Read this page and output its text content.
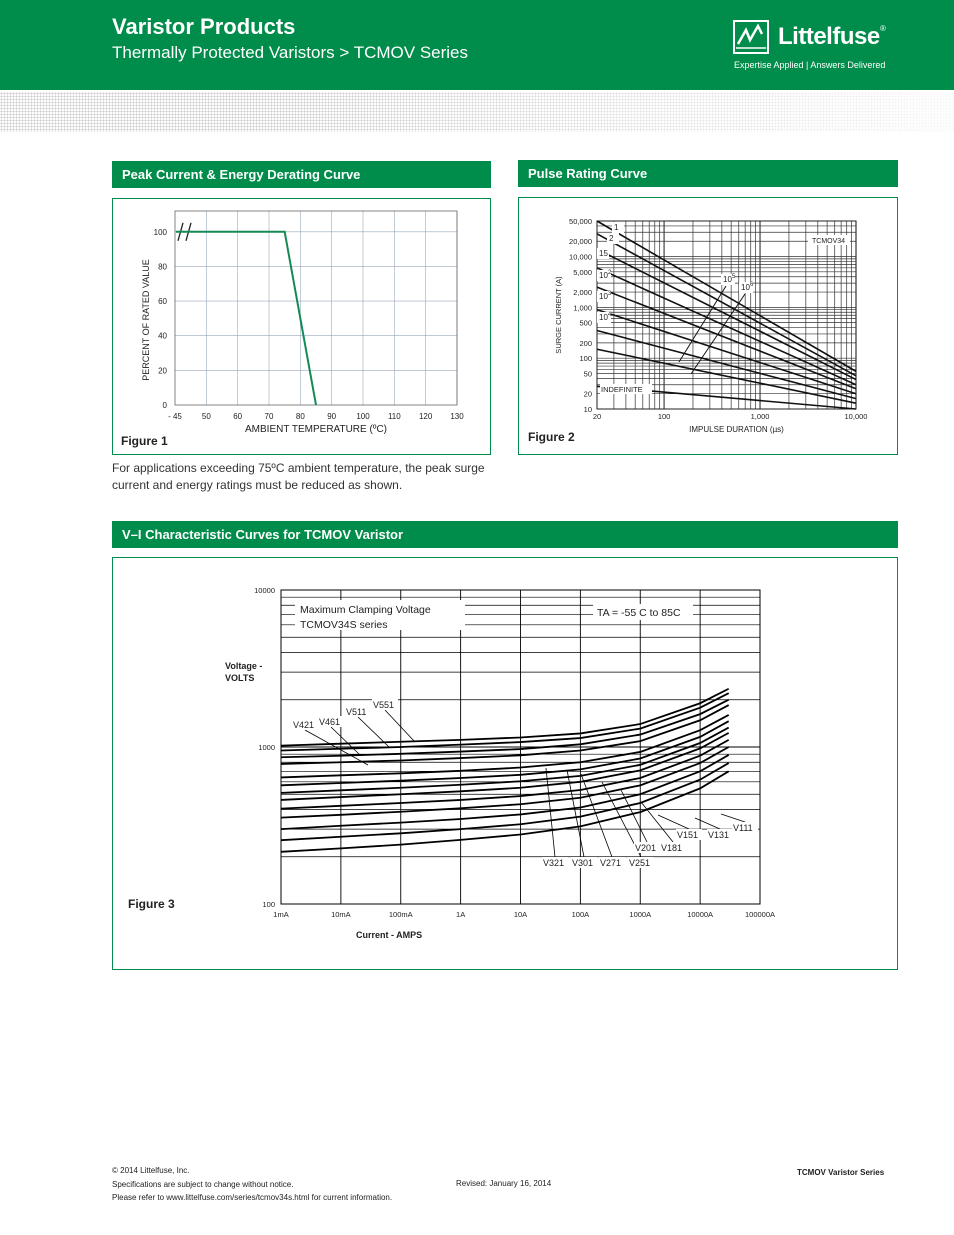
Varistor Products
Thermally Protected Varistors > TCMOV Series
Littelfuse ®
Expertise Applied | Answers Delivered
Peak Current & Energy Derating Curve
- 45 50	60	70	80	90	100 110 120 130
0
20
40
60
80
100
AMBIENT TEMPERATURE (ºC)
PERCENT OF RATED VALUE
Figure 1
For applications exceeding 75ºC ambient temperature, the peak surge current and energy ratings must be reduced as shown.
Pulse Rating Curve
20	100	1,000	10,000
10
20
50
100
200
500
1,000
2,000
5,000
10,000
20,000
50,000
IMPULSE DURATION (µs)
SURGE CURRENT (A)
TCMOV34
1
2
15
10 2
10 3
10 4
10 5
10 6
INDEFINITE
Figure 2
V–I Characteristic Curves for TCMOV Varistor
1mA	10mA	100mA	1A	10A	100A	1000A	10000A	100000A
100
1000
10000
Current - AMPS
Voltage -
VOLTS
Maximum Clamping Voltage
TCMOV34S series
TA = -55 C to 85C
V551
V511
V461
V421
V321 V301 V271 V251
V201 V181
V151 V131
V111
Figure 3
© 2014 Littelfuse, Inc.
Specifications are subject to change without notice.
Please refer to www.littelfuse.com/series/tcmov34s.html for current information.
Revised: January 16, 2014
TCMOV Varistor Series
